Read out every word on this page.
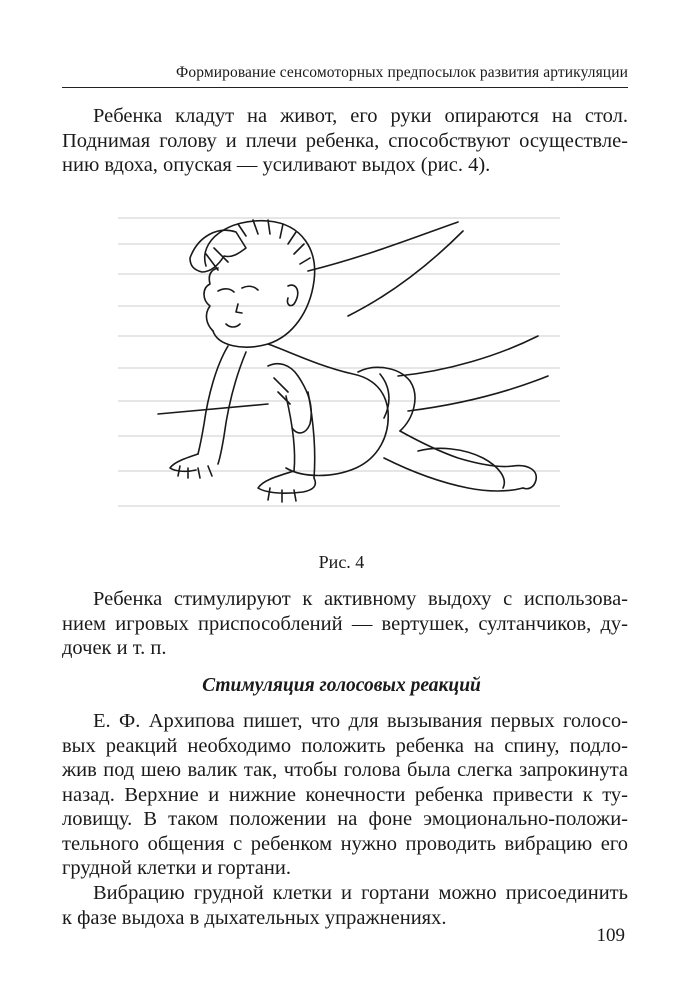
Формирование сенсомоторных предпосылок развития артикуляции
Ребенка кладут на живот, его руки опираются на стол.
Поднимая голову и плечи ребенка, способствуют осуществле-
нию вдоха, опуская — усиливают выдох (рис. 4).
Рис. 4
Ребенка стимулируют к активному выдоху с использова-
нием игровых приспособлений — вертушек, султанчиков, ду-
дочек и т. п.
Стимуляция голосовых реакций
Е. Ф. Архипова пишет, что для вызывания первых голосо-
вых реакций необходимо положить ребенка на спину, подло-
жив под шею валик так, чтобы голова была слегка запрокинута
назад. Верхние и нижние конечности ребенка привести к ту-
ловищу. В таком положении на фоне эмоционально-положи-
тельного общения с ребенком нужно проводить вибрацию его
грудной клетки и гортани.
Вибрацию грудной клетки и гортани можно присоединить
к фазе выдоха в дыхательных упражнениях.
109
